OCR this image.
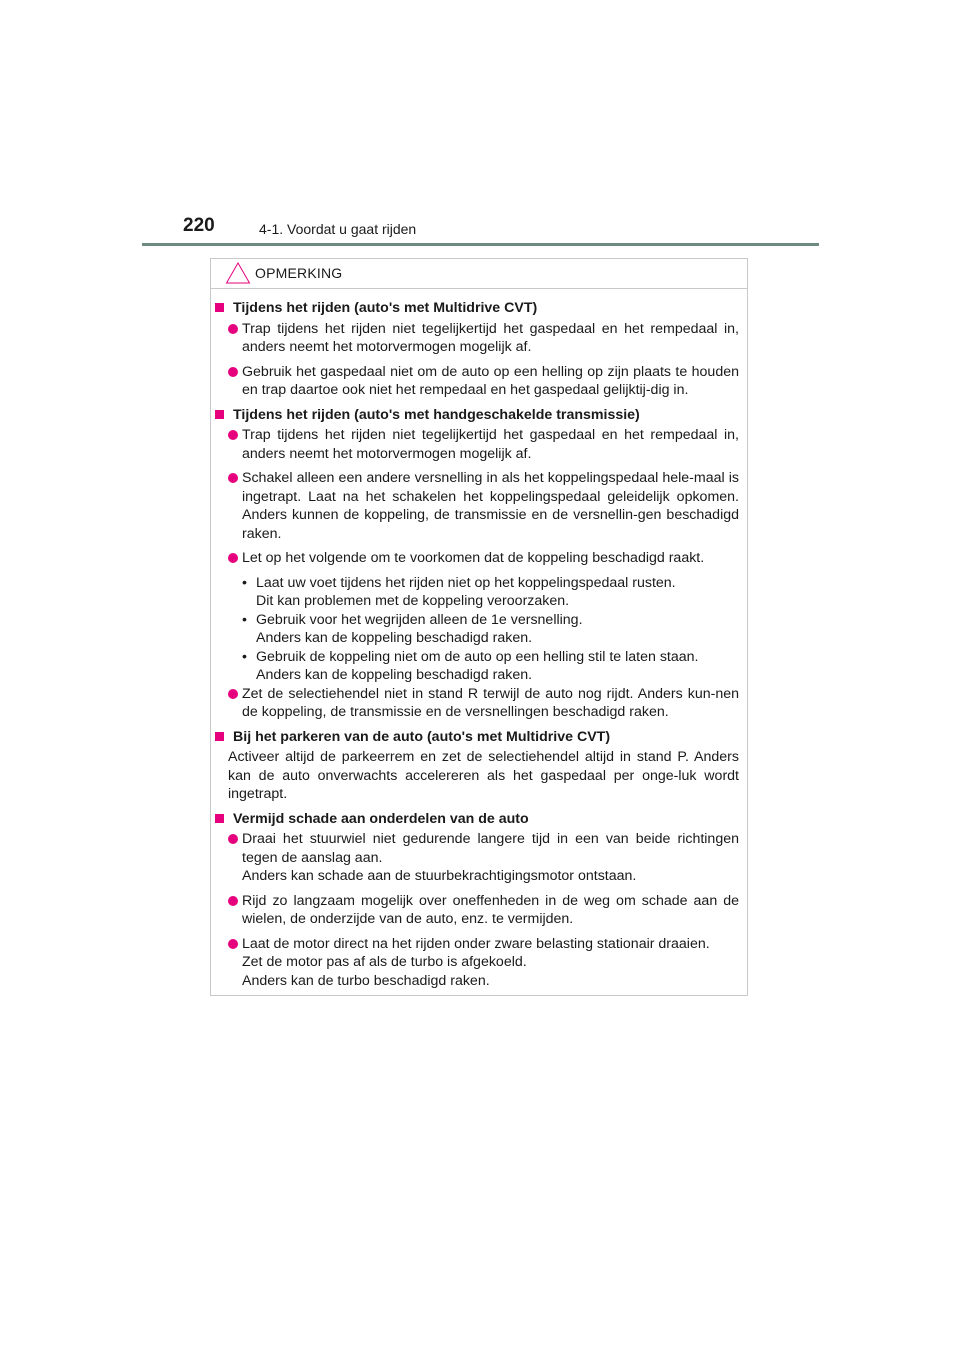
220	4-1. Voordat u gaat rijden
OPMERKING
Tijdens het rijden (auto's met Multidrive CVT)
Trap tijdens het rijden niet tegelijkertijd het gaspedaal en het rempedaal in, anders neemt het motorvermogen mogelijk af.
Gebruik het gaspedaal niet om de auto op een helling op zijn plaats te houden en trap daartoe ook niet het rempedaal en het gaspedaal gelijktij-dig in.
Tijdens het rijden (auto's met handgeschakelde transmissie)
Trap tijdens het rijden niet tegelijkertijd het gaspedaal en het rempedaal in, anders neemt het motorvermogen mogelijk af.
Schakel alleen een andere versnelling in als het koppelingspedaal hele-maal is ingetrapt. Laat na het schakelen het koppelingspedaal geleidelijk opkomen. Anders kunnen de koppeling, de transmissie en de versnellin-gen beschadigd raken.
Let op het volgende om te voorkomen dat de koppeling beschadigd raakt.
• Laat uw voet tijdens het rijden niet op het koppelingspedaal rusten.
Dit kan problemen met de koppeling veroorzaken.
• Gebruik voor het wegrijden alleen de 1e versnelling.
Anders kan de koppeling beschadigd raken.
• Gebruik de koppeling niet om de auto op een helling stil te laten staan.
Anders kan de koppeling beschadigd raken.
Zet de selectiehendel niet in stand R terwijl de auto nog rijdt. Anders kun-nen de koppeling, de transmissie en de versnellingen beschadigd raken.
Bij het parkeren van de auto (auto's met Multidrive CVT)
Activeer altijd de parkeerrem en zet de selectiehendel altijd in stand P. Anders kan de auto onverwachts accelereren als het gaspedaal per onge-luk wordt ingetrapt.
Vermijd schade aan onderdelen van de auto
Draai het stuurwiel niet gedurende langere tijd in een van beide richtingen tegen de aanslag aan.
Anders kan schade aan de stuurbekrachtigingsmotor ontstaan.
Rijd zo langzaam mogelijk over oneffenheden in de weg om schade aan de wielen, de onderzijde van de auto, enz. te vermijden.
Laat de motor direct na het rijden onder zware belasting stationair draaien.
Zet de motor pas af als de turbo is afgekoeld.
Anders kan de turbo beschadigd raken.
